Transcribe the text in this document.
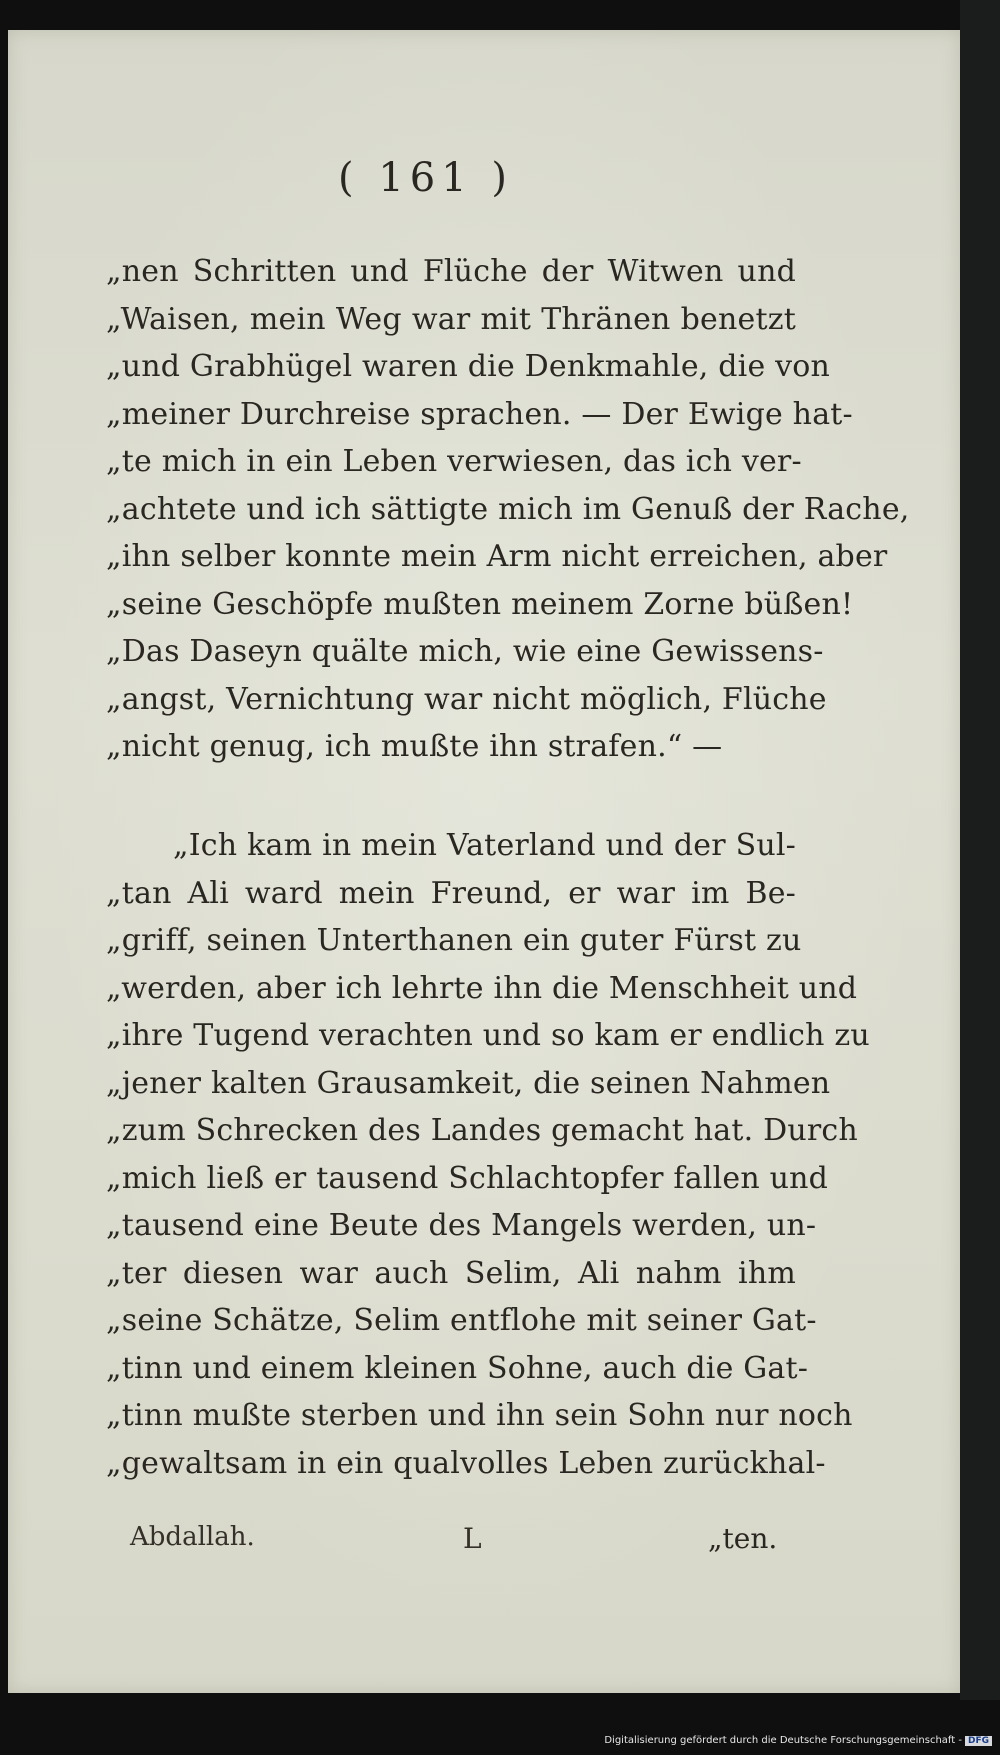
( 161 )

„nen Schritten und Flüche der Witwen und

„Waisen, mein Weg war mit Thränen benetzt

„und Grabhügel waren die Denkmahle, die von

„meiner Durchreise sprachen. — Der Ewige hat-

„te mich in ein Leben verwiesen, das ich ver-

„achtete und ich sättigte mich im Genuß der Rache,

„ihn selber konnte mein Arm nicht erreichen, aber

„seine Geschöpfe mußten meinem Zorne büßen!

„Das Daseyn quälte mich, wie eine Gewissens-

„angst, Vernichtung war nicht möglich, Flüche

„nicht genug, ich mußte ihn strafen.“ —

„Ich kam in mein Vaterland und der Sul-

„tan Ali ward mein Freund, er war im Be-

„griff, seinen Unterthanen ein guter Fürst zu

„werden, aber ich lehrte ihn die Menschheit und

„ihre Tugend verachten und so kam er endlich zu

„jener kalten Grausamkeit, die seinen Nahmen

„zum Schrecken des Landes gemacht hat. Durch

„mich ließ er tausend Schlachtopfer fallen und

„tausend eine Beute des Mangels werden, un-

„ter diesen war auch Selim, Ali nahm ihm

„seine Schätze, Selim entflohe mit seiner Gat-

„tinn und einem kleinen Sohne, auch die Gat-

„tinn mußte sterben und ihn sein Sohn nur noch

„gewaltsam in ein qualvolles Leben zurückhal-

Abdallah.	L	„ten.
Digitalisierung gefördert durch die Deutsche Forschungsgemeinschaft - DFG
